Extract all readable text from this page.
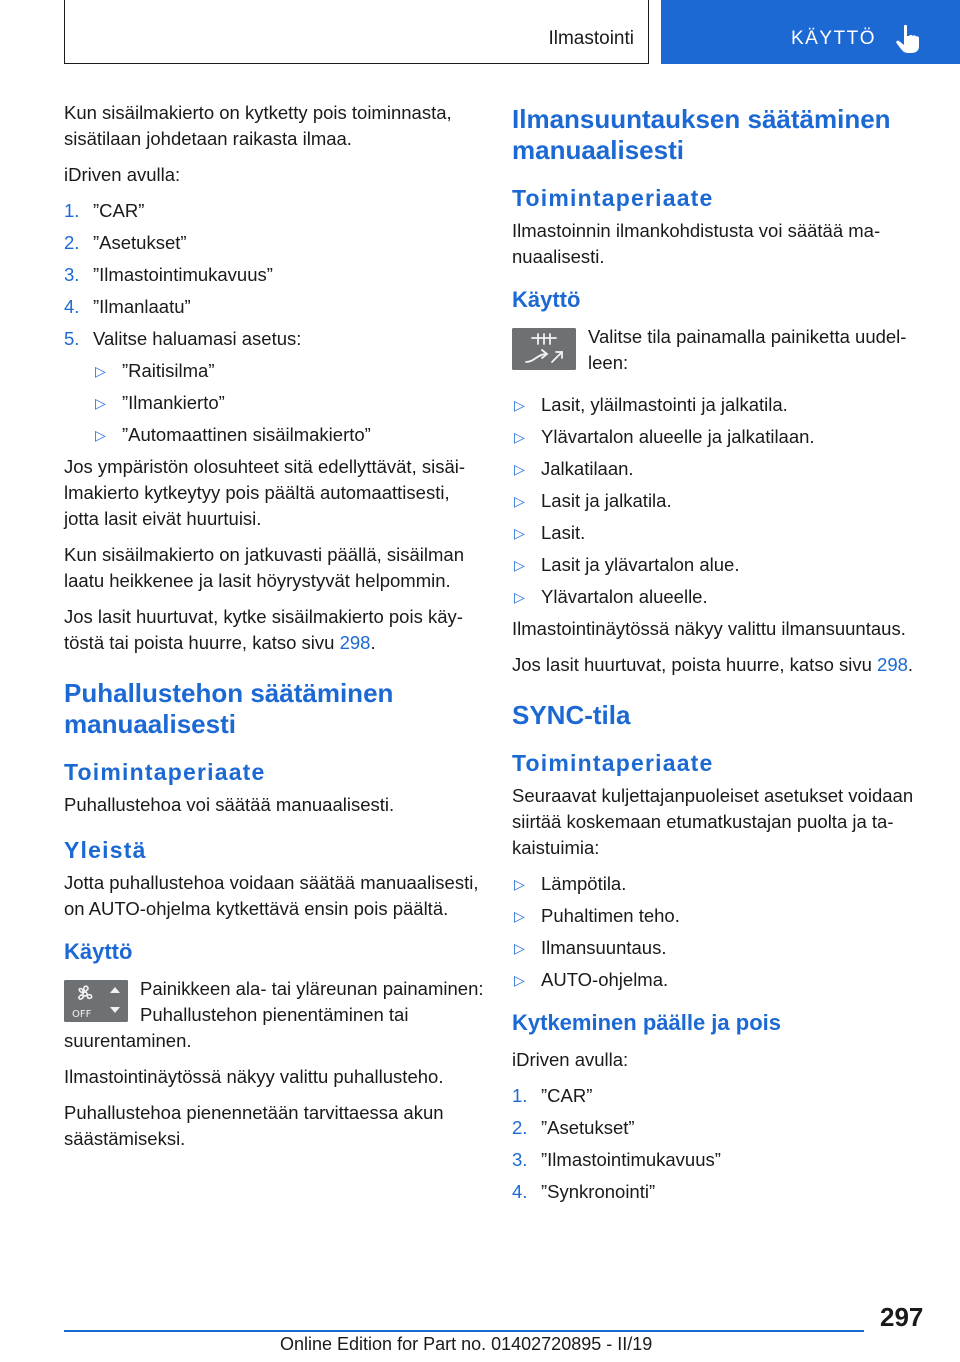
Ilmastointi	KÄYTTÖ

Kun sisäilmakierto on kytketty pois toiminnasta, sisätilaan johdetaan raikasta ilmaa.

iDriven avulla:

1. ”CAR”
2. ”Asetukset”
3. ”Ilmastointimukavuus”
4. ”Ilmanlaatu”
5. Valitse haluamasi asetus:
▷ ”Raitisilma”
▷ ”Ilmankierto”
▷ ”Automaattinen sisäilmakierto”

Jos ympäristön olosuhteet sitä edellyttävät, sisäilmakierto kytkeytyy pois päältä automaattisesti, jotta lasit eivät huurtuisi.

Kun sisäilmakierto on jatkuvasti päällä, sisäilman laatu heikkenee ja lasit höyrystyvät helpommin.

Jos lasit huurtuvat, kytke sisäilmakierto pois käytöstä tai poista huurre, katso sivu 298.

Puhallustehon säätäminen manuaalisesti
Toimintaperiaate

Puhallustehoa voi säätää manuaalisesti.

Yleistä

Jotta puhallustehoa voidaan säätää manuaalisesti, on AUTO-ohjelma kytkettävä ensin pois päältä.

Käyttö
OFF

Painikkeen ala- tai yläreunan painaminen: Puhallustehon pienentäminen tai suurentaminen.

Ilmastointinäytössä näkyy valittu puhallusteho.

Puhallustehoa pienennetään tarvittaessa akun säästämiseksi.

Ilmansuuntauksen säätäminen manuaalisesti
Toimintaperiaate

Ilmastoinnin ilmankohdistusta voi säätää manuaalisesti.

Käyttö

Valitse tila painamalla painiketta uudelleen:

▷ Lasit, yläilmastointi ja jalkatila.
▷ Ylävartalon alueelle ja jalkatilaan.
▷ Jalkatilaan.
▷ Lasit ja jalkatila.
▷ Lasit.
▷ Lasit ja ylävartalon alue.
▷ Ylävartalon alueelle.

Ilmastointinäytössä näkyy valittu ilmansuuntaus.

Jos lasit huurtuvat, poista huurre, katso sivu 298.

SYNC-tila
Toimintaperiaate

Seuraavat kuljettajanpuoleiset asetukset voidaan siirtää koskemaan etumatkustajan puolta ja takaistuimia:

▷ Lämpötila.
▷ Puhaltimen teho.
▷ Ilmansuuntaus.
▷ AUTO-ohjelma.
Kytkeminen päälle ja pois

iDriven avulla:

1. ”CAR”
2. ”Asetukset”
3. ”Ilmastointimukavuus”
4. ”Synkronointi”
297
Online Edition for Part no. 01402720895 - II/19
